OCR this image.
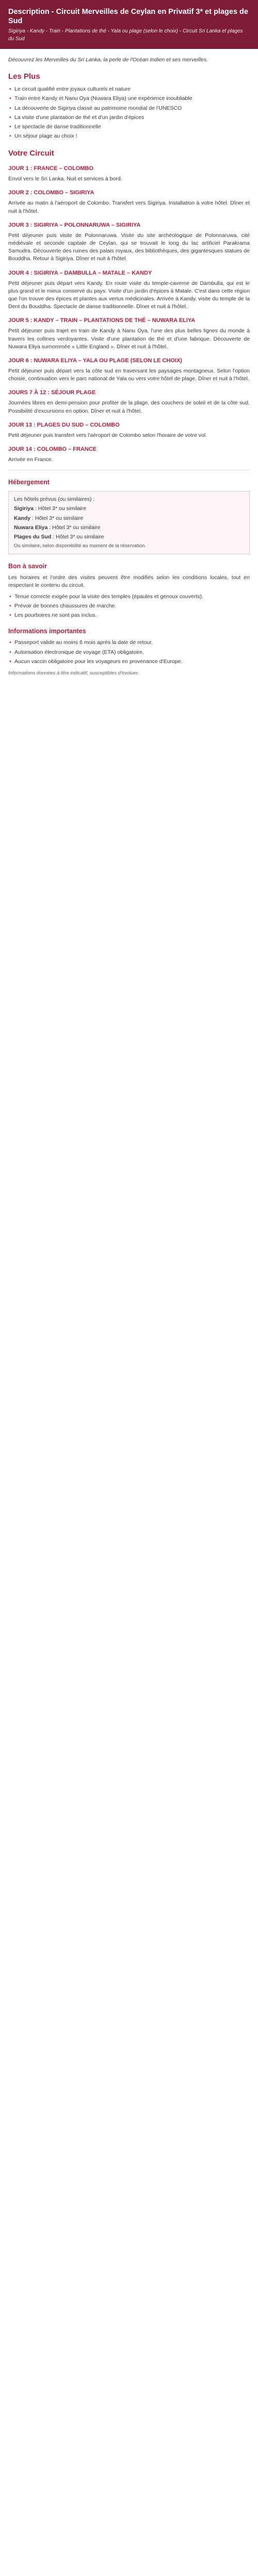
Description - Circuit Merveilles de Ceylan en Privatif 3* et plages de Sud
Sigiriya - Kandy - Train - Plantations de thé - Yala ou plage (selon le choix) - Circuit Sri Lanka et plages du Sud
Découvrez les Merveilles du Sri Lanka, la perle de l'Océan Indien et ses merveilles.
Les Plus
• Le circuit qualifié entre joyaux culturels et nature
• Train entre Kandy et Nanu Oya (Nuwara Eliya) une expérience inoubliable
• La découverte de Sigiriya classé au patrimoine mondial de l'UNESCO
• La visite d'une plantation de thé et d'un jardin d'épices
• Le spectacle de danse traditionnelle
• Un séjour plage au choix !
Votre Circuit
JOUR 1 : FRANCE – COLOMBO

Envol vers le Sri Lanka. Nuit et services à bord.

JOUR 2 : COLOMBO – SIGIRIYA

Arrivée au matin à l'aéroport de Colombo. Transfert vers Sigiriya. Installation à votre hôtel. Dîner et nuit à l'hôtel.

JOUR 3 : SIGIRIYA – POLONNARUWA – SIGIRIYA

Petit déjeuner puis visite de Polonnaruwa. Visite du site archéologique de Polonnaruwa, cité médiévale et seconde capitale de Ceylan, qui se trouvait le long du lac artificiel Parakrama Samudra. Découverte des ruines des palais royaux, des bibliothèques, des gigantesques statues de Bouddha. Retour à Sigiriya. Dîner et nuit à l'hôtel.

JOUR 4 : SIGIRIYA – DAMBULLA – MATALE – KANDY

Petit déjeuner puis départ vers Kandy. En route visite du temple-caverne de Dambulla, qui est le plus grand et le mieux conservé du pays. Visite d'un jardin d'épices à Matale. C'est dans cette région que l'on trouve des épices et plantes aux vertus médicinales. Arrivée à Kandy, visite du temple de la Dent du Bouddha. Spectacle de danse traditionnelle. Dîner et nuit à l'hôtel.

JOUR 5 : KANDY – TRAIN – PLANTATIONS DE THÉ – NUWARA ELIYA

Petit déjeuner puis trajet en train de Kandy à Nanu Oya, l'une des plus belles lignes du monde à travers les collines verdoyantes. Visite d'une plantation de thé et d'une fabrique. Découverte de Nuwara Eliya surnommée « Little England ». Dîner et nuit à l'hôtel.

JOUR 6 : NUWARA ELIYA – YALA OU PLAGE (SELON LE CHOIX)

Petit déjeuner puis départ vers la côte sud en traversant les paysages montagneux. Selon l'option choisie, continuation vers le parc national de Yala ou vers votre hôtel de plage. Dîner et nuit à l'hôtel.

JOURS 7 À 12 : SÉJOUR PLAGE

Journées libres en demi-pension pour profiter de la plage, des couchers de soleil et de la côte sud. Possibilité d'excursions en option. Dîner et nuit à l'hôtel.

JOUR 13 : PLAGES DU SUD – COLOMBO

Petit déjeuner puis transfert vers l'aéroport de Colombo selon l'horaire de votre vol.

JOUR 14 : COLOMBO – FRANCE

Arrivée en France.

Hébergement
Les hôtels prévus (ou similaires) :
Sigiriya : Hôtel 3* ou similaire
Kandy : Hôtel 3* ou similaire
Nuwara Eliya : Hôtel 3* ou similaire
Plages du Sud : Hôtel 3* ou similaire
Ou similaire, selon disponibilité au moment de la réservation.
Bon à savoir

Les horaires et l'ordre des visites peuvent être modifiés selon les conditions locales, tout en respectant le contenu du circuit.

• Tenue correcte exigée pour la visite des temples (épaules et genoux couverts).
• Prévoir de bonnes chaussures de marche.
• Les pourboires ne sont pas inclus.
Informations importantes
• Passeport valide au moins 6 mois après la date de retour.
• Autorisation électronique de voyage (ETA) obligatoire.
• Aucun vaccin obligatoire pour les voyageurs en provenance d'Europe.
Informations données à titre indicatif, susceptibles d'évoluer.
